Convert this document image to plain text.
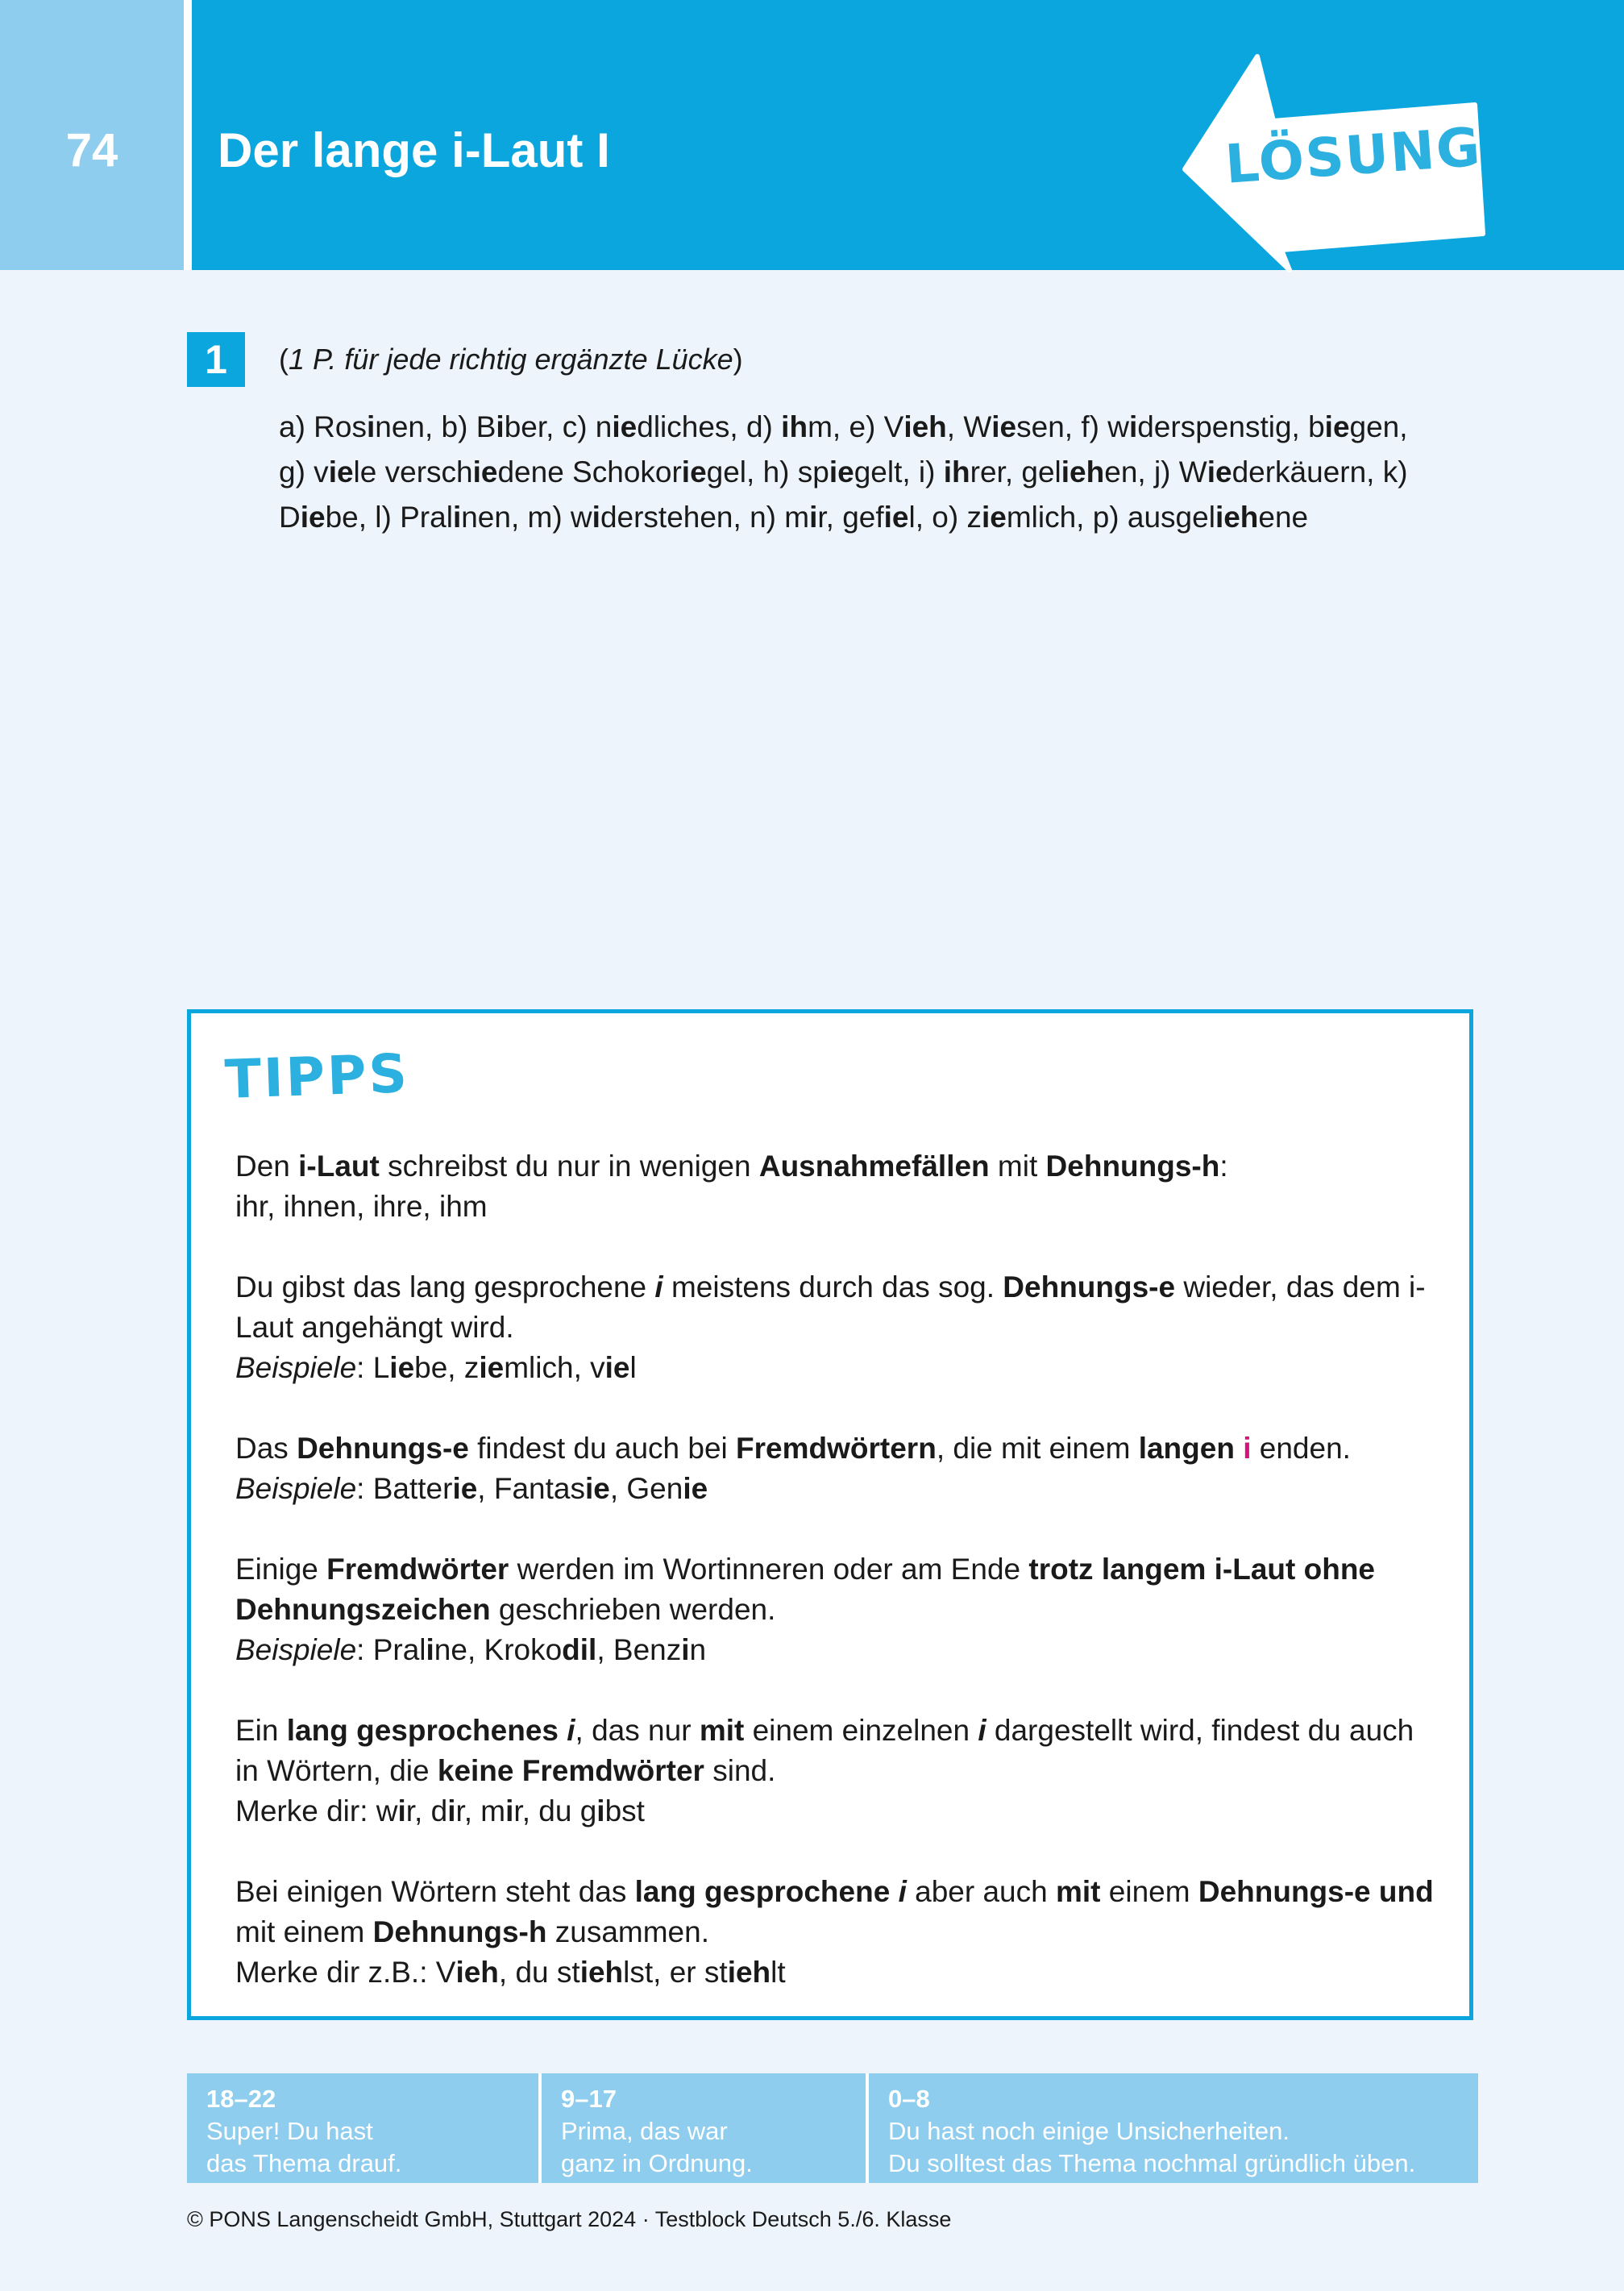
74	Der lange i-Laut I	LÖSUNG
1	(1 P. für jede richtig ergänzte Lücke)
a) Rosinen, b) Biber, c) niedliches, d) ihm, e) Vieh, Wiesen, f) widerspenstig, biegen, g) viele verschiedene Schokoriegel, h) spiegelt, i) ihrer, geliehen, j) Wiederkäuern, k) Diebe, l) Pralinen, m) widerstehen, n) mir, gefiel, o) ziemlich, p) ausgeliehene
TIPPS

Den i-Laut schreibst du nur in wenigen Ausnahmefällen mit Dehnungs-h:

ihr, ihnen, ihre, ihm

Du gibst das lang gesprochene i meistens durch das sog. Dehnungs-e wieder, das dem i-Laut angehängt wird.

Beispiele: Liebe, ziemlich, viel

Das Dehnungs-e findest du auch bei Fremdwörtern, die mit einem langen i enden.

Beispiele: Batterie, Fantasie, Genie

Einige Fremdwörter werden im Wortinneren oder am Ende trotz langem i-Laut ohne Dehnungszeichen geschrieben werden.

Beispiele: Praline, Krokodil, Benzin

Ein lang gesprochenes i, das nur mit einem einzelnen i dargestellt wird, findest du auch in Wörtern, die keine Fremdwörter sind.

Merke dir: wir, dir, mir, du gibst

Bei einigen Wörtern steht das lang gesprochene i aber auch mit einem Dehnungs-e und mit einem Dehnungs-h zusammen.

Merke dir z.B.: Vieh, du stiehlst, er stiehlt

18–22
Super! Du hast
das Thema drauf.
9–17
Prima, das war
ganz in Ordnung.
0–8
Du hast noch einige Unsicherheiten.
Du solltest das Thema nochmal gründlich üben.
© PONS Langenscheidt GmbH, Stuttgart 2024 · Testblock Deutsch 5./6. Klasse
